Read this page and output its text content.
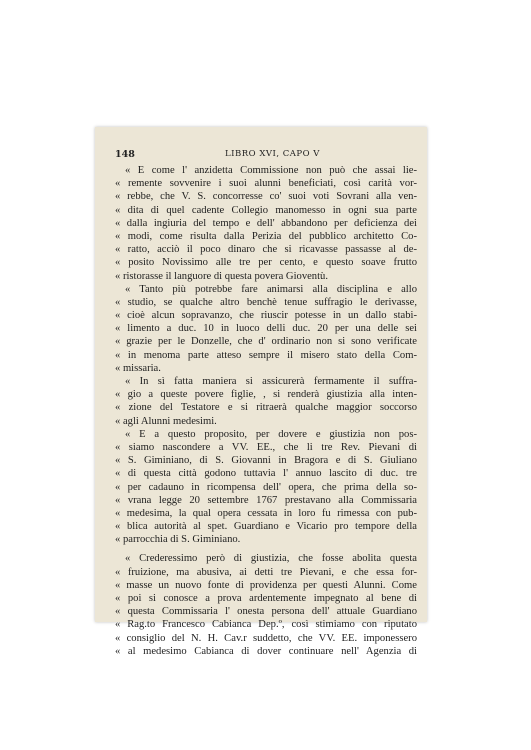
148	LIBRO XVI, CAPO V
« E come l' anzidetta Commissione non può che assai lie-
« remente sovvenire i suoi alunni beneficiati, così carità vor-
« rebbe, che V. S. concorresse co' suoi voti Sovrani alla ven-
« dita di quel cadente Collegio manomesso in ogni sua parte
« dalla ingiuria del tempo e dell' abbandono per deficienza dei
« modi, come risulta dalla Perizia del pubblico architetto Co-
« ratto, acciò il poco dinaro che si ricavasse passasse al de-
« posito Novissimo alle tre per cento, e questo soave frutto
« ristorasse il languore di questa povera Gioventù.
« Tanto più potrebbe fare animarsi alla disciplina e allo
« studio, se qualche altro benchè tenue suffragio le derivasse,
« cioè alcun sopravanzo, che riuscir potesse in un dallo stabi-
« limento a duc. 10 in luoco delli duc. 20 per una delle sei
« grazie per le Donzelle, che d' ordinario non si sono verificate
« in menoma parte atteso sempre il misero stato della Com-
« missaria.
« In sì fatta maniera si assicurerà fermamente il suffra-
« gio a queste povere figlie, , si renderà giustizia alla inten-
« zione del Testatore e si ritraerà qualche maggior soccorso
« agli Alunni medesimi.
« E a questo proposito, per dovere e giustizia non pos-
« siamo nascondere a VV. EE., che li tre Rev. Pievani di
« S. Giminiano, di S. Giovanni in Bragora e di S. Giuliano
« di questa città godono tuttavia l' annuo lascito di duc. tre
« per cadauno in ricompensa dell' opera, che prima della so-
« vrana legge 20 settembre 1767 prestavano alla Commissaria
« medesima, la qual opera cessata in loro fu rimessa con pub-
« blica autorità al spet. Guardiano e Vicario pro tempore della
« parrocchia di S. Giminiano.
« Crederessimo però di giustizia, che fosse abolita questa
« fruizione, ma abusiva, ai detti tre Pievani, e che essa for-
« masse un nuovo fonte di providenza per questi Alunni. Come
« poi si conosce a prova ardentemente impegnato al bene di
« questa Commissaria l' onesta persona dell' attuale Guardiano
« Rag.to Francesco Cabianca Dep.º, così stimiamo con riputato
« consiglio del N. H. Cav.r suddetto, che VV. EE. imponessero
« al medesimo Cabianca di dover continuare nell' Agenzia di
